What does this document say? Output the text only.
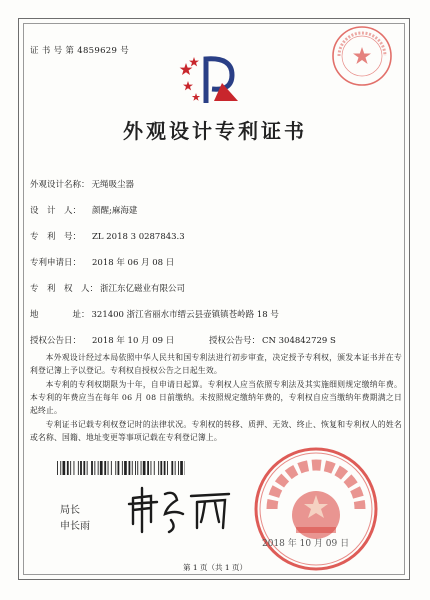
证 书 号 第 4859629 号
外观设计专利证书
外观设计名称： 无绳吸尘器
设　计　人： 颜醒;麻海建
专　利　号： ZL 2018 3 0287843.3
专利申请日： 2018 年 06 月 08 日
专　利　权　人： 浙江东亿磁业有限公司
地　　　　址： 321400 浙江省丽水市缙云县壶镇镇苍岭路 18 号
授权公告日： 2018 年 10 月 09 日	授权公告号： CN 304842729 S
本外观设计经过本局依照中华人民共和国专利法进行初步审查，决定授予专利权，颁发本证书并在专利登记簿上予以登记。专利权自授权公告之日起生效。
本专利的专利权期限为十年，自申请日起算。专利权人应当依照专利法及其实施细则规定缴纳年费。本专利的年费应当在每年 06 月 08 日前缴纳。未按照规定缴纳年费的，专利权自应当缴纳年费期满之日起终止。
专利证书记载专利权登记时的法律状况。专利权的转移、质押、无效、终止、恢复和专利权人的姓名或名称、国籍、地址变更等事项记载在专利登记簿上。
局长
申长雨
2018 年 10 月 09 日
第 1 页（共 1 页）
